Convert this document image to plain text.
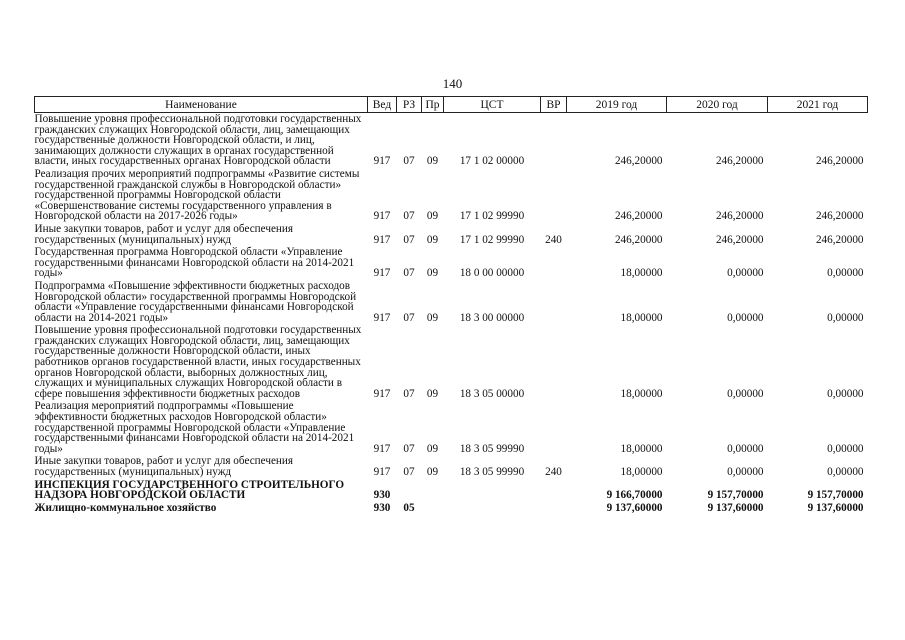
140
Наименование	Вед	РЗ	Пр	ЦСТ	ВР	2019 год	2020 год	2021 год
Повышение уровня профессиональной подготовки государственных гражданских служащих Новгородской области, лиц, замещающих государственные должности Новгородской области, и лиц, занимающих должности служащих в органах государственной власти, иных государственных органах Новгородской области	917	07	09	17 1 02 00000		246,20000	246,20000	246,20000
Реализация прочих мероприятий подпрограммы «Развитие системы государственной гражданской службы в Новгородской области» государственной программы Новгородской области «Совершенствование системы государственного управления в Новгородской области на 2017-2026 годы»	917	07	09	17 1 02 99990		246,20000	246,20000	246,20000
Иные закупки товаров, работ и услуг для обеспечения государственных (муниципальных) нужд	917	07	09	17 1 02 99990	240	246,20000	246,20000	246,20000
Государственная программа Новгородской области «Управление государственными финансами Новгородской области на 2014-2021 годы»	917	07	09	18 0 00 00000		18,00000	0,00000	0,00000
Подпрограмма «Повышение эффективности бюджетных расходов Новгородской области» государственной программы Новгородской области «Управление государственными финансами Новгородской области на 2014-2021 годы»	917	07	09	18 3 00 00000		18,00000	0,00000	0,00000
Повышение уровня профессиональной подготовки государственных гражданских служащих Новгородской области, лиц, замещающих государственные должности Новгородской области, иных работников органов государственной власти, иных государственных органов Новгородской области, выборных должностных лиц, служащих и муниципальных служащих Новгородской области в сфере повышения эффективности бюджетных расходов	917	07	09	18 3 05 00000		18,00000	0,00000	0,00000
Реализация мероприятий подпрограммы «Повышение эффективности бюджетных расходов Новгородской области» государственной программы Новгородской области «Управление государственными финансами Новгородской области на 2014-2021 годы»	917	07	09	18 3 05 99990		18,00000	0,00000	0,00000
Иные закупки товаров, работ и услуг для обеспечения государственных (муниципальных) нужд	917	07	09	18 3 05 99990	240	18,00000	0,00000	0,00000
ИНСПЕКЦИЯ ГОСУДАРСТВЕННОГО СТРОИТЕЛЬНОГО НАДЗОРА НОВГОРОДСКОЙ ОБЛАСТИ	930					9 166,70000	9 157,70000	9 157,70000
Жилищно-коммунальное хозяйство	930	05				9 137,60000	9 137,60000	9 137,60000
